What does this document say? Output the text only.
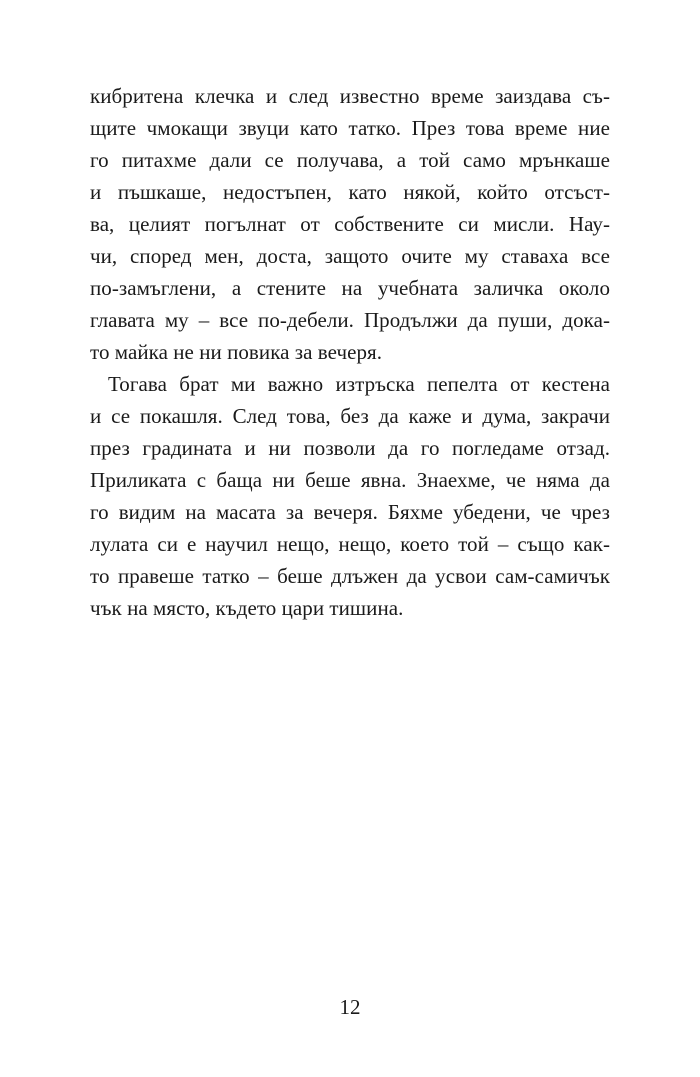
кибритена клечка и след известно време заиздава съ-
щите чмокащи звуци като татко. През това време ние
го питахме дали се получава, а той само мрънкаше
и пъшкаше, недостъпен, като някой, който отсъст-
ва, целият погълнат от собствените си мисли. Нау-
чи, според мен, доста, защото очите му ставаха все
по-замъглени, а стените на учебната заличка около
главата му – все по-дебели. Продължи да пуши, дока-
то майка не ни повика за вечеря.
Тогава брат ми важно изтръска пепелта от кестена
и се покашля. След това, без да каже и дума, закрачи
през градината и ни позволи да го погледаме отзад.
Приликата с баща ни беше явна. Знаехме, че няма да
го видим на масата за вечеря. Бяхме убедени, че чрез
лулата си е научил нещо, нещо, което той – също как-
то правеше татко – беше длъжен да усвои сам-самичък
чък на място, където цари тишина.
12
